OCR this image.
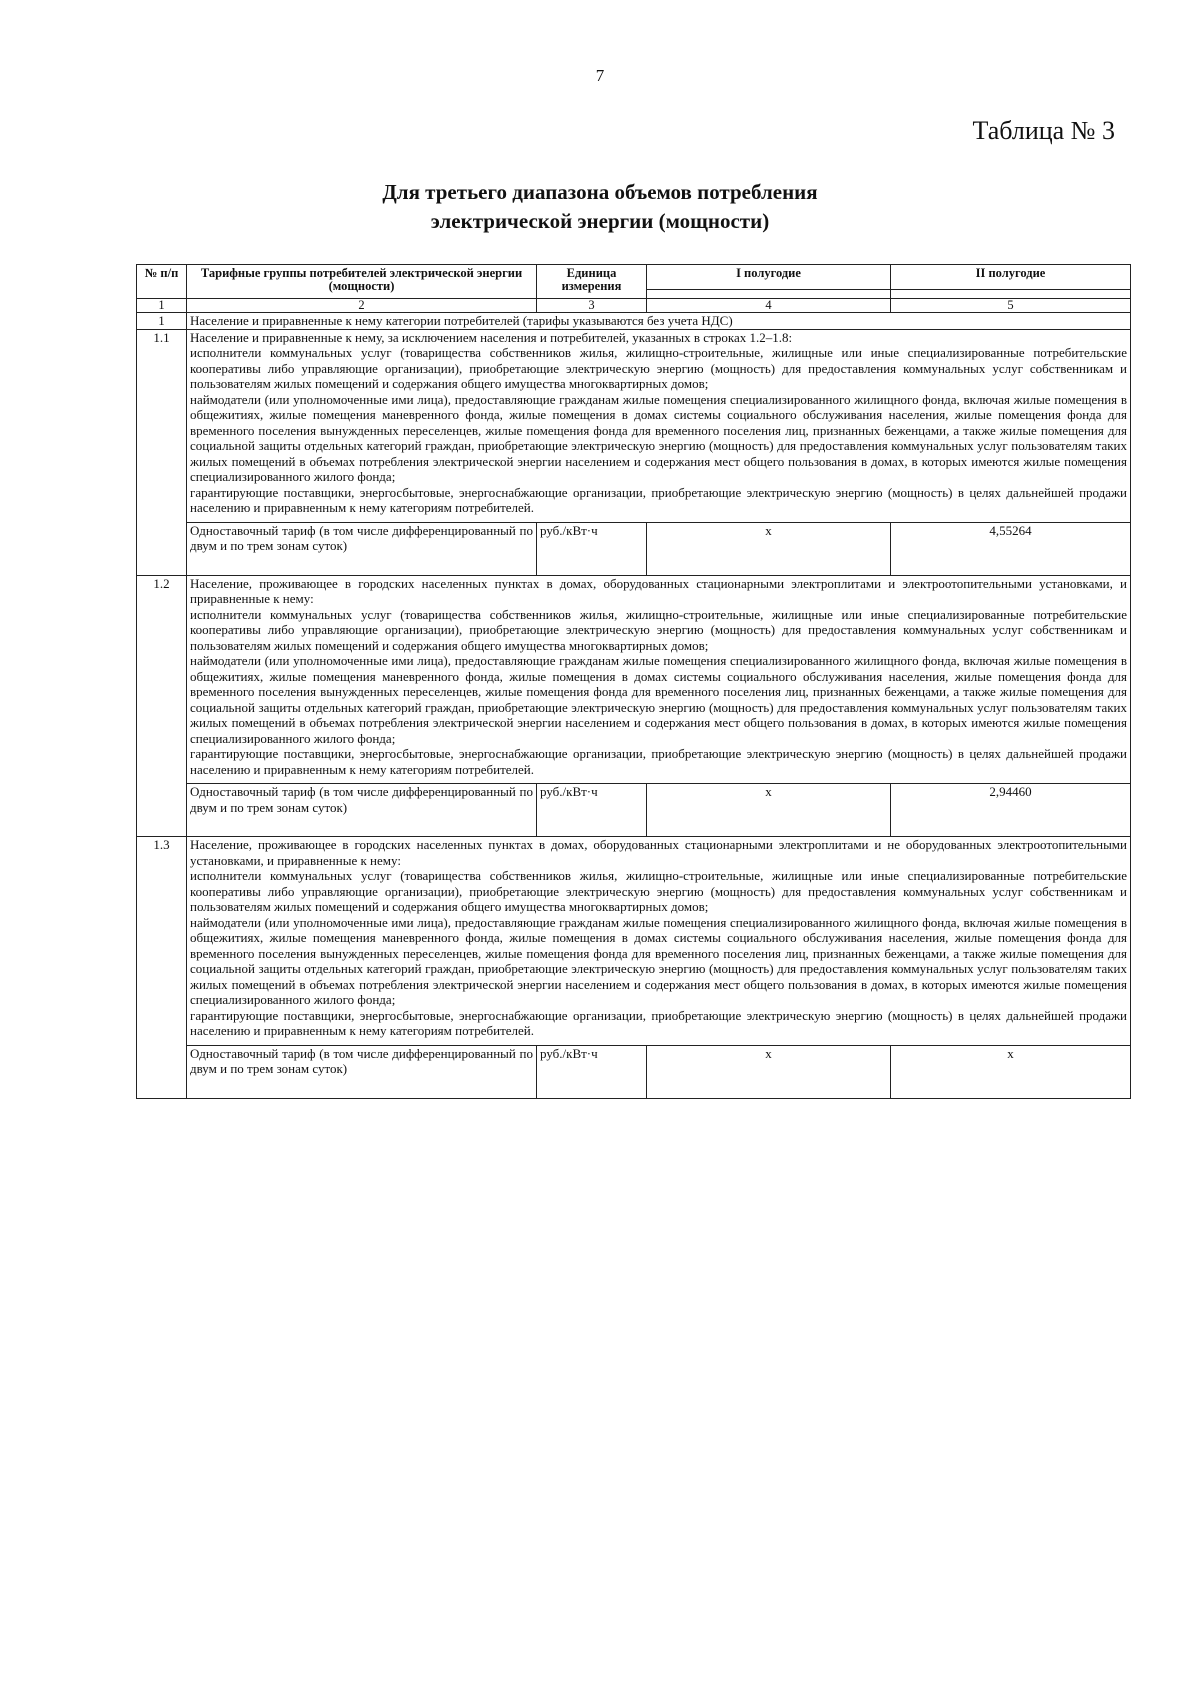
7
Таблица № 3
Для третьего диапазона объемов потребления
электрической энергии (мощности)
№ п/п	Тарифные группы потребителей электрической энергии (мощности)	Единица измерения	I полугодие	II полугодие

1	2	3	4	5
1	Население и приравненные к нему категории потребителей (тарифы указываются без учета НДС)			
1.1	Население и приравненные к нему, за исключением населения и потребителей, указанных в строках 1.2–1.8:

исполнители коммунальных услуг (товарищества собственников жилья, жилищно-строительные, жилищные или иные специализированные потребительские кооперативы либо управляющие организации), приобретающие электрическую энергию (мощность) для предоставления коммунальных услуг собственникам и пользователям жилых помещений и содержания общего имущества многоквартирных домов;

наймодатели (или уполномоченные ими лица), предоставляющие гражданам жилые помещения специализированного жилищного фонда, включая жилые помещения в общежитиях, жилые помещения маневренного фонда, жилые помещения в домах системы социального обслуживания населения, жилые помещения фонда для временного поселения вынужденных переселенцев, жилые помещения фонда для временного поселения лиц, признанных беженцами, а также жилые помещения для социальной защиты отдельных категорий граждан, приобретающие электрическую энергию (мощность) для предоставления коммунальных услуг пользователям таких жилых помещений в объемах потребления электрической энергии населением и содержания мест общего пользования в домах, в которых имеются жилые помещения специализированного жилого фонда;

гарантирующие поставщики, энергосбытовые, энергоснабжающие организации, приобретающие электрическую энергию (мощность) в целях дальнейшей продажи населению и приравненным к нему категориям потребителей.			

	Одноставочный тариф (в том числе дифференцированный по двум и по трем зонам суток)	руб./кВт·ч	x	4,55264
1.2	Население, проживающее в городских населенных пунктах в домах, оборудованных стационарными электроплитами и электроотопительными установками, и приравненные к нему:

исполнители коммунальных услуг (товарищества собственников жилья, жилищно-строительные, жилищные или иные специализированные потребительские кооперативы либо управляющие организации), приобретающие электрическую энергию (мощность) для предоставления коммунальных услуг собственникам и пользователям жилых помещений и содержания общего имущества многоквартирных домов;

наймодатели (или уполномоченные ими лица), предоставляющие гражданам жилые помещения специализированного жилищного фонда, включая жилые помещения в общежитиях, жилые помещения маневренного фонда, жилые помещения в домах системы социального обслуживания населения, жилые помещения фонда для временного поселения вынужденных переселенцев, жилые помещения фонда для временного поселения лиц, признанных беженцами, а также жилые помещения для социальной защиты отдельных категорий граждан, приобретающие электрическую энергию (мощность) для предоставления коммунальных услуг пользователям таких жилых помещений в объемах потребления электрической энергии населением и содержания мест общего пользования в домах, в которых имеются жилые помещения специализированного жилого фонда;

гарантирующие поставщики, энергосбытовые, энергоснабжающие организации, приобретающие электрическую энергию (мощность) в целях дальнейшей продажи населению и приравненным к нему категориям потребителей.			

	Одноставочный тариф (в том числе дифференцированный по двум и по трем зонам суток)	руб./кВт·ч	x	2,94460
1.3	Население, проживающее в городских населенных пунктах в домах, оборудованных стационарными электроплитами и не оборудованных электроотопительными установками, и приравненные к нему:

исполнители коммунальных услуг (товарищества собственников жилья, жилищно-строительные, жилищные или иные специализированные потребительские кооперативы либо управляющие организации), приобретающие электрическую энергию (мощность) для предоставления коммунальных услуг собственникам и пользователям жилых помещений и содержания общего имущества многоквартирных домов;

наймодатели (или уполномоченные ими лица), предоставляющие гражданам жилые помещения специализированного жилищного фонда, включая жилые помещения в общежитиях, жилые помещения маневренного фонда, жилые помещения в домах системы социального обслуживания населения, жилые помещения фонда для временного поселения вынужденных переселенцев, жилые помещения фонда для временного поселения лиц, признанных беженцами, а также жилые помещения для социальной защиты отдельных категорий граждан, приобретающие электрическую энергию (мощность) для предоставления коммунальных услуг пользователям таких жилых помещений в объемах потребления электрической энергии населением и содержания мест общего пользования в домах, в которых имеются жилые помещения специализированного жилого фонда;

гарантирующие поставщики, энергосбытовые, энергоснабжающие организации, приобретающие электрическую энергию (мощность) в целях дальнейшей продажи населению и приравненным к нему категориям потребителей.			

	Одноставочный тариф (в том числе дифференцированный по двум и по трем зонам суток)	руб./кВт·ч	x	x
